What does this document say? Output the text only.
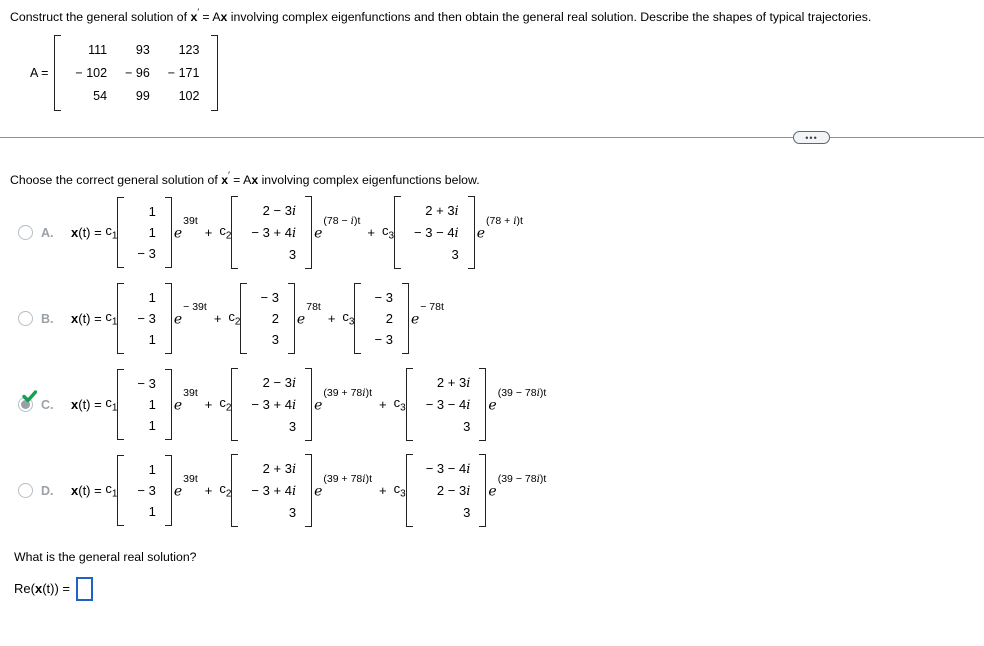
Construct the general solution of x′ = Ax involving complex eigenfunctions and then obtain the general real solution. Describe the shapes of typical trajectories.

A =
111 93 123
− 102 − 96 − 171
54 99 102
•••

Choose the correct general solution of x′ = Ax involving complex eigenfunctions below.

A.	$x(t) = c_1$
1
1
− 3
$e^{39t}$
+ $c_2$
2 − 3i
− 3 + 4i
3
$e^{(78 - i)t}$
+ $c_3$
2 + 3i
− 3 − 4i
3
$e^{(78 + i)t}$
B.	$x(t) = c_1$
1
− 3
1
$e^{- 39t}$
+ $c_2$
− 3
2
3
$e^{78t}$
+ $c_3$
− 3
2
− 3
$e^{- 78t}$
C.	$x(t) = c_1$
− 3
1
1
$e^{39t}$
+ $c_2$
2 − 3i
− 3 + 4i
3
$e^{(39 + 78i)t}$
+ $c_3$
2 + 3i
− 3 − 4i
3
$e^{(39 - 78i)t}$
D.	$x(t) = c_1$
1
− 3
1
$e^{39t}$
+ $c_2$
2 + 3i
− 3 + 4i
3
$e^{(39 + 78i)t}$
+ $c_3$
− 3 − 4i
2 − 3i
3
$e^{(39 - 78i)t}$

What is the general real solution?

Re(x(t)) =
